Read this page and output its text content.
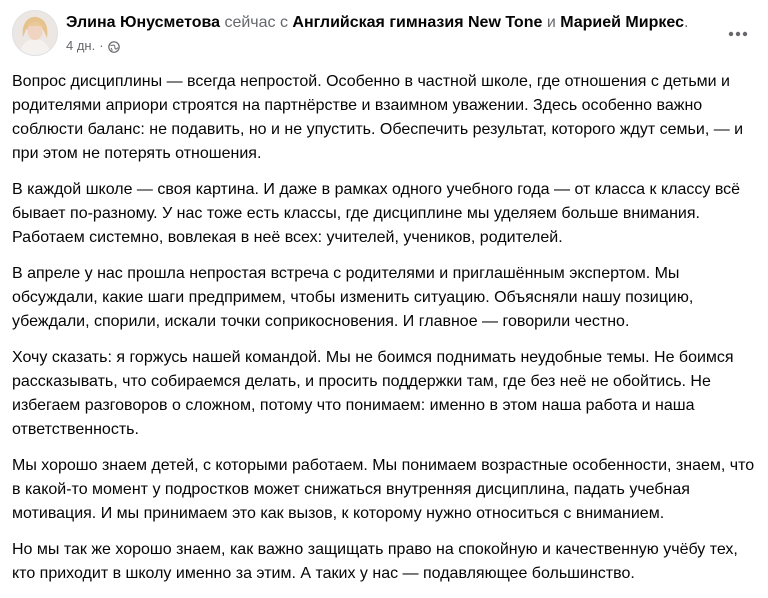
Элина Юнусметова сейчас с Английская гимназия New Tone и Марией Миркес.
4 дн. ·

Вопрос дисциплины — всегда непростой. Особенно в частной школе, где отношения с детьми и родителями априори строятся на партнёрстве и взаимном уважении. Здесь особенно важно соблюсти баланс: не подавить, но и не упустить. Обеспечить результат, которого ждут семьи, — и при этом не потерять отношения.

В каждой школе — своя картина. И даже в рамках одного учебного года — от класса к классу всё бывает по-разному. У нас тоже есть классы, где дисциплине мы уделяем больше внимания. Работаем системно, вовлекая в неё всех: учителей, учеников, родителей.

В апреле у нас прошла непростая встреча с родителями и приглашённым экспертом. Мы обсуждали, какие шаги предпримем, чтобы изменить ситуацию. Объясняли нашу позицию, убеждали, спорили, искали точки соприкосновения. И главное — говорили честно.

Хочу сказать: я горжусь нашей командой. Мы не боимся поднимать неудобные темы. Не боимся рассказывать, что собираемся делать, и просить поддержки там, где без неё не обойтись. Не избегаем разговоров о сложном, потому что понимаем: именно в этом наша работа и наша ответственность.

Мы хорошо знаем детей, с которыми работаем. Мы понимаем возрастные особенности, знаем, что в какой-то момент у подростков может снижаться внутренняя дисциплина, падать учебная мотивация. И мы принимаем это как вызов, к которому нужно относиться с вниманием.

Но мы так же хорошо знаем, как важно защищать право на спокойную и качественную учёбу тех, кто приходит в школу именно за этим. А таких у нас — подавляющее большинство.
